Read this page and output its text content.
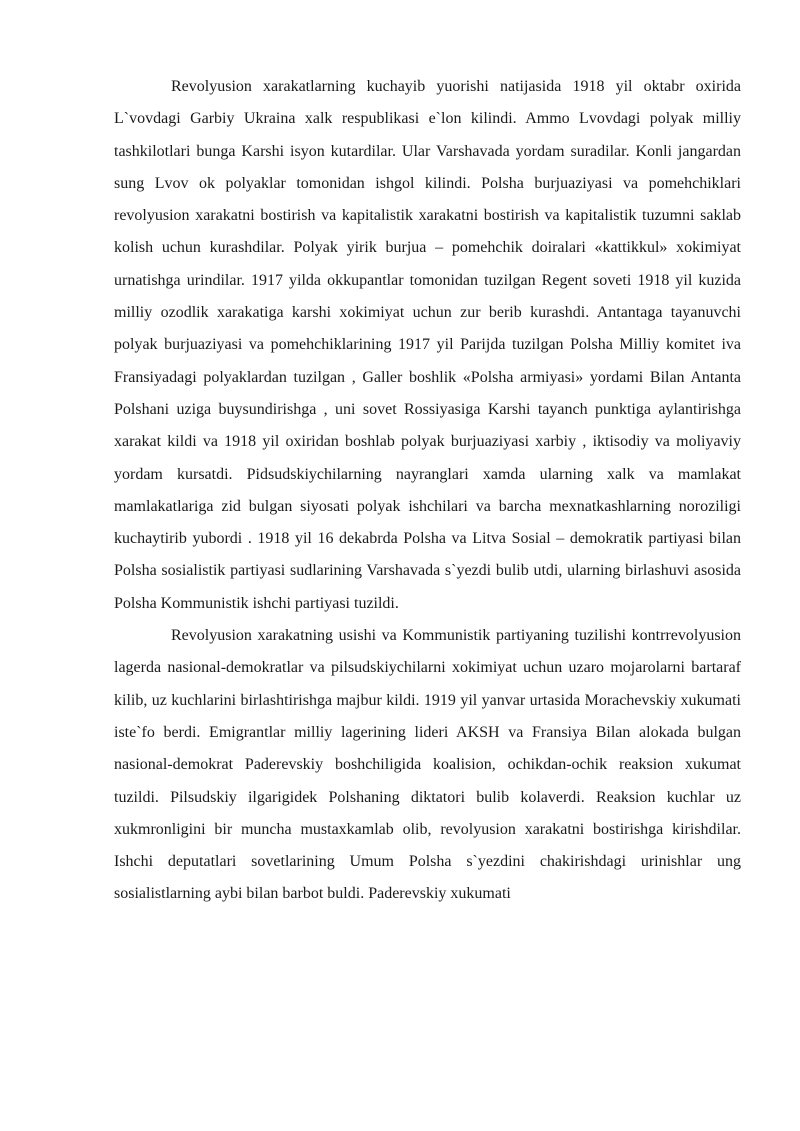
Revolyusion xarakatlarning kuchayib yuorishi natijasida 1918 yil oktabr oxirida L`vovdagi Garbiy Ukraina xalk respublikasi e`lon kilindi. Ammo Lvovdagi polyak milliy tashkilotlari bunga Karshi isyon kutardilar. Ular Varshavada yordam suradilar. Konli jangardan sung Lvov ok polyaklar tomonidan ishgol kilindi. Polsha burjuaziyasi va pomehchiklari revolyusion xarakatni bostirish va kapitalistik xarakatni bostirish va kapitalistik tuzumni saklab kolish uchun kurashdilar. Polyak yirik burjua – pomehchik doiralari «kattikkul» xokimiyat urnatishga urindilar. 1917 yilda okkupantlar tomonidan tuzilgan Regent soveti 1918 yil kuzida milliy ozodlik xarakatiga karshi xokimiyat uchun zur berib kurashdi. Antantaga tayanuvchi polyak burjuaziyasi va pomehchiklarining 1917 yil Parijda tuzilgan Polsha Milliy komitet iva Fransiyadagi polyaklardan tuzilgan , Galler boshlik «Polsha armiyasi» yordami Bilan Antanta Polshani uziga buysundirishga , uni sovet Rossiyasiga Karshi tayanch punktiga aylantirishga xarakat kildi va 1918 yil oxiridan boshlab polyak burjuaziyasi xarbiy , iktisodiy va moliyaviy yordam kursatdi. Pidsudskiychilarning nayranglari xamda ularning xalk va mamlakat mamlakatlariga zid bulgan siyosati polyak ishchilari va barcha mexnatkashlarning noroziligi kuchaytirib yubordi . 1918 yil 16 dekabrda Polsha va Litva Sosial – demokratik partiyasi bilan Polsha sosialistik partiyasi sudlarining Varshavada s`yezdi bulib utdi, ularning birlashuvi asosida Polsha Kommunistik ishchi partiyasi tuzildi.

Revolyusion xarakatning usishi va Kommunistik partiyaning tuzilishi kontrrevolyusion lagerda nasional-demokratlar va pilsudskiychilarni xokimiyat uchun uzaro mojarolarni bartaraf kilib, uz kuchlarini birlashtirishga majbur kildi. 1919 yil yanvar urtasida Morachevskiy xukumati iste`fo berdi. Emigrantlar milliy lagerining lideri AKSH va Fransiya Bilan alokada bulgan nasional-demokrat Paderevskiy boshchiligida koalision, ochikdan-ochik reaksion xukumat tuzildi. Pilsudskiy ilgarigidek Polshaning diktatori bulib kolaverdi. Reaksion kuchlar uz xukmronligini bir muncha mustaxkamlab olib, revolyusion xarakatni bostirishga kirishdilar. Ishchi deputatlari sovetlarining Umum Polsha s`yezdini chakirishdagi urinishlar ung sosialistlarning aybi bilan barbot buldi. Paderevskiy xukumati
